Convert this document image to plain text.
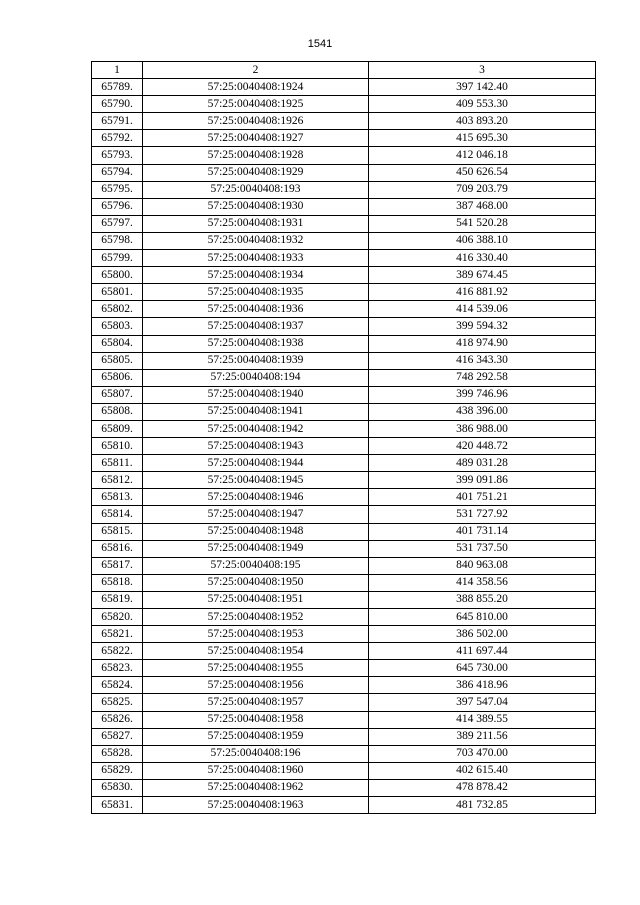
1541
1	2	3
65789.	57:25:0040408:1924	397 142.40
65790.	57:25:0040408:1925	409 553.30
65791.	57:25:0040408:1926	403 893.20
65792.	57:25:0040408:1927	415 695.30
65793.	57:25:0040408:1928	412 046.18
65794.	57:25:0040408:1929	450 626.54
65795.	57:25:0040408:193	709 203.79
65796.	57:25:0040408:1930	387 468.00
65797.	57:25:0040408:1931	541 520.28
65798.	57:25:0040408:1932	406 388.10
65799.	57:25:0040408:1933	416 330.40
65800.	57:25:0040408:1934	389 674.45
65801.	57:25:0040408:1935	416 881.92
65802.	57:25:0040408:1936	414 539.06
65803.	57:25:0040408:1937	399 594.32
65804.	57:25:0040408:1938	418 974.90
65805.	57:25:0040408:1939	416 343.30
65806.	57:25:0040408:194	748 292.58
65807.	57:25:0040408:1940	399 746.96
65808.	57:25:0040408:1941	438 396.00
65809.	57:25:0040408:1942	386 988.00
65810.	57:25:0040408:1943	420 448.72
65811.	57:25:0040408:1944	489 031.28
65812.	57:25:0040408:1945	399 091.86
65813.	57:25:0040408:1946	401 751.21
65814.	57:25:0040408:1947	531 727.92
65815.	57:25:0040408:1948	401 731.14
65816.	57:25:0040408:1949	531 737.50
65817.	57:25:0040408:195	840 963.08
65818.	57:25:0040408:1950	414 358.56
65819.	57:25:0040408:1951	388 855.20
65820.	57:25:0040408:1952	645 810.00
65821.	57:25:0040408:1953	386 502.00
65822.	57:25:0040408:1954	411 697.44
65823.	57:25:0040408:1955	645 730.00
65824.	57:25:0040408:1956	386 418.96
65825.	57:25:0040408:1957	397 547.04
65826.	57:25:0040408:1958	414 389.55
65827.	57:25:0040408:1959	389 211.56
65828.	57:25:0040408:196	703 470.00
65829.	57:25:0040408:1960	402 615.40
65830.	57:25:0040408:1962	478 878.42
65831.	57:25:0040408:1963	481 732.85
